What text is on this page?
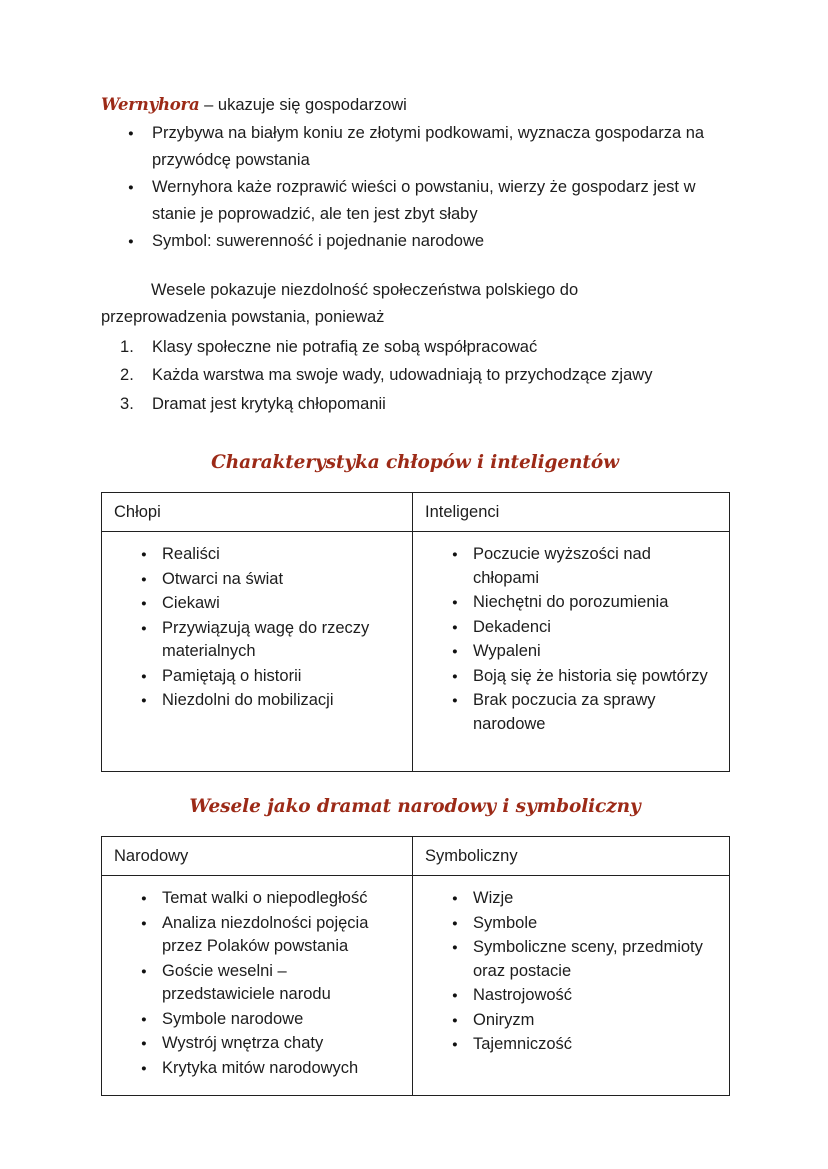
Wernyhora – ukazuje się gospodarzowi

● Przybywa na białym koniu ze złotymi podkowami, wyznacza gospodarza na przywódcę powstania
● Wernyhora każe rozprawić wieści o powstaniu, wierzy że gospodarz jest w stanie je poprowadzić, ale ten jest zbyt słaby
● Symbol: suwerenność i pojednanie narodowe

Wesele pokazuje niezdolność społeczeństwa polskiego do przeprowadzenia powstania, ponieważ

Klasy społeczne nie potrafią ze sobą współpracować
Każda warstwa ma swoje wady, udowadniają to przychodzące zjawy
Dramat jest krytyką chłopomanii
Charakterystyka chłopów i inteligentów
Chłopi	Inteligenci

● Realiści
● Otwarci na świat
● Ciekawi
● Przywiązują wagę do rzeczy materialnych
● Pamiętają o historii
● Niezdolni do mobilizacji

● Poczucie wyższości nad chłopami
● Niechętni do porozumienia
● Dekadenci
● Wypaleni
● Boją się że historia się powtórzy
● Brak poczucia za sprawy narodowe
Wesele jako dramat narodowy i symboliczny
Narodowy	Symboliczny

● Temat walki o niepodległość
● Analiza niezdolności pojęcia przez Polaków powstania
● Goście weselni – przedstawiciele narodu
● Symbole narodowe
● Wystrój wnętrza chaty
● Krytyka mitów narodowych

● Wizje
● Symbole
● Symboliczne sceny, przedmioty oraz postacie
● Nastrojowość
● Oniryzm
● Tajemniczość
